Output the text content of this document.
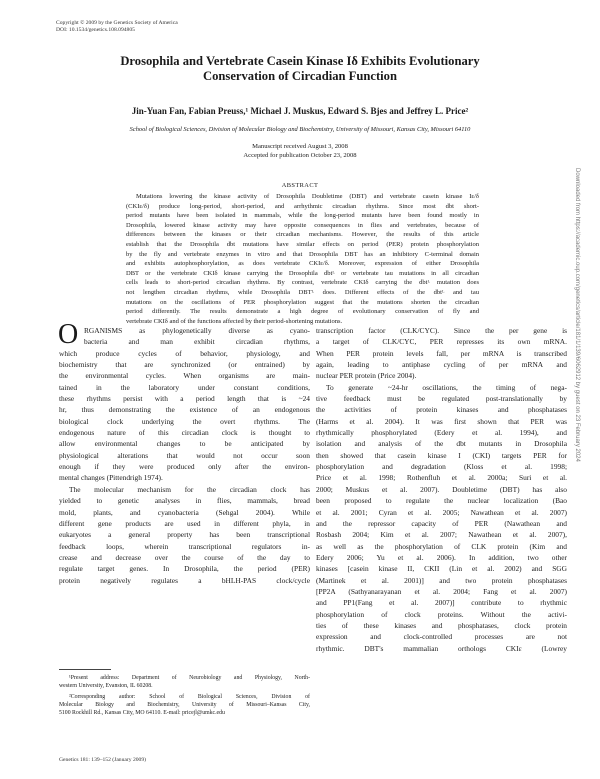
Copyright © 2009 by the Genetics Society of America
DOI: 10.1534/genetics.108.094805
Drosophila and Vertebrate Casein Kinase Iδ Exhibits Evolutionary
Conservation of Circadian Function
Jin-Yuan Fan, Fabian Preuss,¹ Michael J. Muskus, Edward S. Bjes and Jeffrey L. Price²
School of Biological Sciences, Division of Molecular Biology and Biochemistry, University of Missouri, Kansas City, Missouri 64110
Manuscript received August 3, 2008
Accepted for publication October 23, 2008
ABSTRACT
Mutations lowering the kinase activity of Drosophila Doubletime (DBT) and vertebrate casein kinase Iε/δ
(CKIε/δ) produce long-period, short-period, and arrhythmic circadian rhythms. Since most dbt short-
period mutants have been isolated in mammals, while the long-period mutants have been found mostly in
Drosophila, lowered kinase activity may have opposite consequences in flies and vertebrates, because of
differences between the kinases or their circadian mechanisms. However, the results of this article
establish that the Drosophila dbt mutations have similar effects on period (PER) protein phosphorylation
by the fly and vertebrate enzymes in vitro and that Drosophila DBT has an inhibitory C-terminal domain
and exhibits autophosphorylation, as does vertebrate CKIε/δ. Moreover, expression of either Drosophila
DBT or the vertebrate CKIδ kinase carrying the Drosophila dbtᴸ or vertebrate tau mutations in all circadian
cells leads to short-period circadian rhythms. By contrast, vertebrate CKIδ carrying the dbtᴸ mutation does
not lengthen circadian rhythms, while Drosophila DBTᴸ does. Different effects of the dbtᴸ and tau
mutations on the oscillations of PER phosphorylation suggest that the mutations shorten the circadian
period differently. The results demonstrate a high degree of evolutionary conservation of fly and
vertebrate CKIδ and of the functions affected by their period-shortening mutations.
O RGANISMS as phylogenetically diverse as cyano-
bacteria and man exhibit circadian rhythms,
which produce cycles of behavior, physiology, and
biochemistry that are synchronized (or entrained) by
the environmental cycles. When organisms are main-
tained in the laboratory under constant conditions,
these rhythms persist with a period length that is ~24
hr, thus demonstrating the existence of an endogenous
biological clock underlying the overt rhythms. The
endogenous nature of this circadian clock is thought to
allow environmental changes to be anticipated by
physiological alterations that would not occur soon
enough if they were produced only after the environ-
mental changes (Pittendrigh 1974).
The molecular mechanism for the circadian clock has
yielded to genetic analyses in flies, mammals, bread
mold, plants, and cyanobacteria (Sehgal 2004). While
different gene products are used in different phyla, in
eukaryotes a general property has been transcriptional
feedback loops, wherein transcriptional regulators in-
crease and decrease over the course of the day to
regulate target genes. In Drosophila, the period (PER)
protein negatively regulates a bHLH-PAS clock/cycle
transcription factor (CLK/CYC). Since the per gene is
a target of CLK/CYC, PER represses its own mRNA.
When PER protein levels fall, per mRNA is transcribed
again, leading to antiphase cycling of per mRNA and
nuclear PER protein (Price 2004).
To generate ~24-hr oscillations, the timing of nega-
tive feedback must be regulated post-translationally by
the activities of protein kinases and phosphatases
(Harms et al. 2004). It was first shown that PER was
rhythmically phosphorylated (Edery et al. 1994), and
isolation and analysis of the dbt mutants in Drosophila
then showed that casein kinase I (CKI) targets PER for
phosphorylation and degradation (Kloss et al. 1998;
Price et al. 1998; Rothenfluh et al. 2000a; Suri et al.
2000; Muskus et al. 2007). Doubletime (DBT) has also
been proposed to regulate the nuclear localization (Bao
et al. 2001; Cyran et al. 2005; Nawathean et al. 2007)
and the repressor capacity of PER (Nawathean and
Rosbash 2004; Kim et al. 2007; Nawathean et al. 2007),
as well as the phosphorylation of CLK protein (Kim and
Edery 2006; Yu et al. 2006). In addition, two other
kinases [casein kinase II, CKII (Lin et al. 2002) and SGG
(Martinek et al. 2001)] and two protein phosphatases
[PP2A (Sathyanarayanan et al. 2004; Fang et al. 2007)
and PP1(Fang et al. 2007)] contribute to rhythmic
phosphorylation of clock proteins. Without the activi-
ties of these kinases and phosphatases, clock protein
expression and clock-controlled processes are not
rhythmic. DBT's mammalian orthologs CKIε (Lowrey
¹Present address: Department of Neurobiology and Physiology, North-
western University, Evanston, IL 60208.
²Corresponding author: School of Biological Sciences, Division of
Molecular Biology and Biochemistry, University of Missouri–Kansas City,
5100 Rockhill Rd., Kansas City, MO 64110. E-mail: pricejl@umkc.edu
Genetics 181: 139–152 (January 2009)
Downloaded from https://academic.oup.com/genetics/article/181/1/139/6062912 by guest on 23 February 2024
